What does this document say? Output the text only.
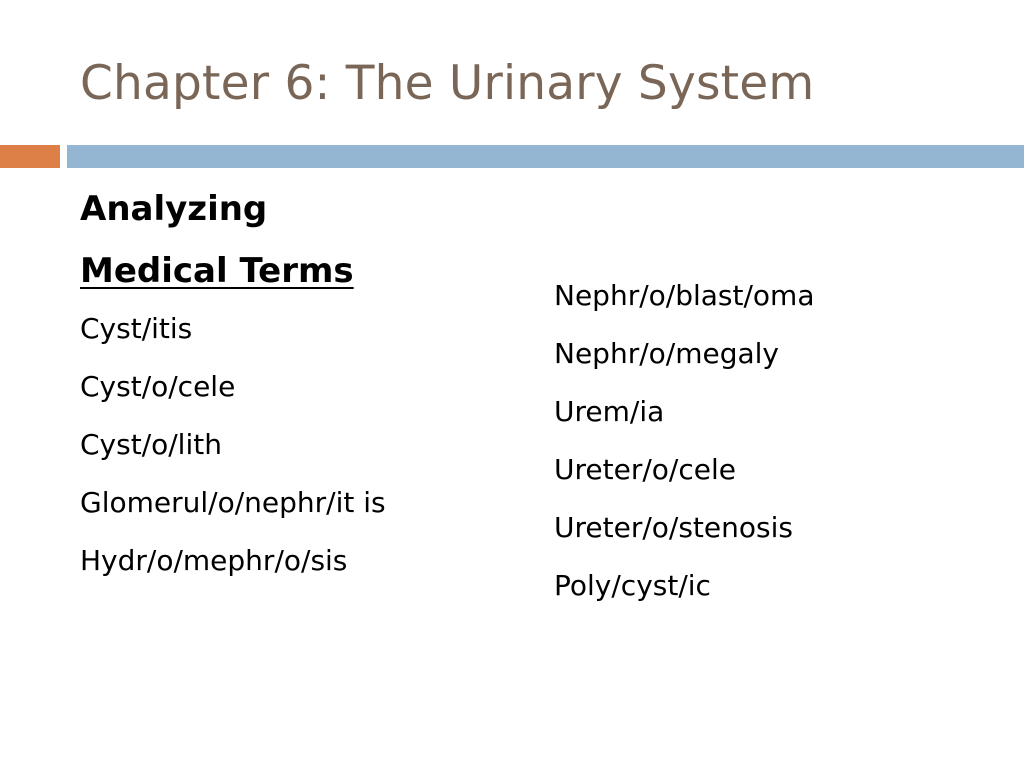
Chapter 6: The Urinary System
Analyzing
Medical Terms
Cyst/itis
Cyst/o/cele
Cyst/o/lith
Glomerul/o/nephr/it is
Hydr/o/mephr/o/sis
Nephr/o/blast/oma
Nephr/o/megaly
Urem/ia
Ureter/o/cele
Ureter/o/stenosis
Poly/cyst/ic
